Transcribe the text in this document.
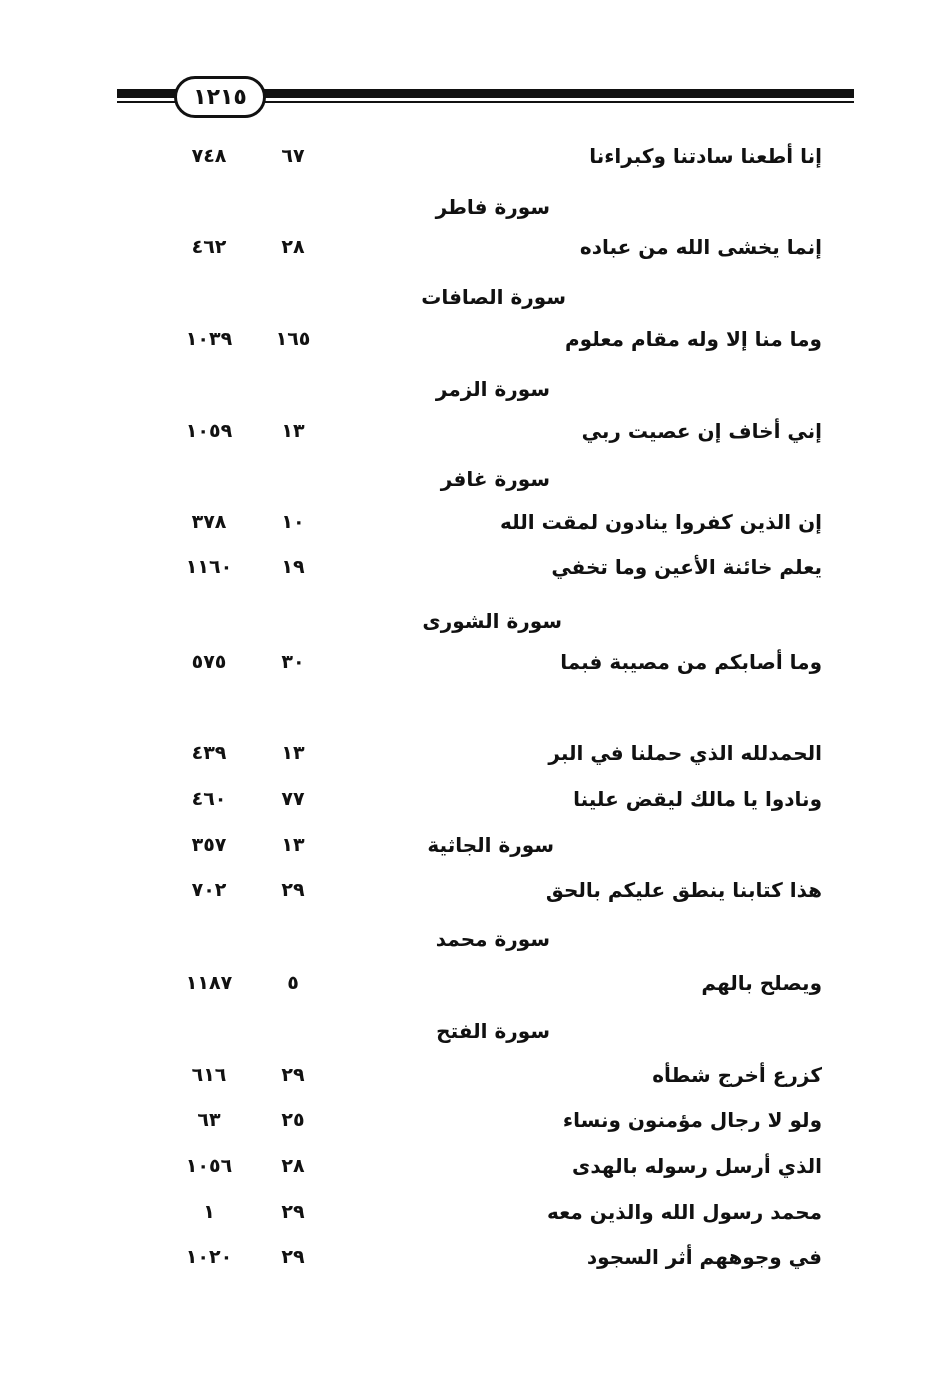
١٢١٥
إنا أطعنا سادتنا وكبراءنا
٦٧
٧٤٨
سورة فاطر
إنما يخشى الله من عباده
٢٨
٤٦٢
سورة الصافات
وما منا إلا وله مقام معلوم
١٦٥
١٠٣٩
سورة الزمر
إني أخاف إن عصيت ربي
١٣
١٠٥٩
سورة غافر
إن الذين كفروا ينادون لمقت الله
١٠
٣٧٨
يعلم خائنة الأعين وما تخفي
١٩
١١٦٠
سورة الشورى
وما أصابكم من مصيبة فبما
٣٠
٥٧٥
الحمدلله الذي حملنا في البر
١٣
٤٣٩
ونادوا يا مالك ليقض علينا
٧٧
٤٦٠
سورة الجاثية
١٣
٣٥٧
هذا كتابنا ينطق عليكم بالحق
٢٩
٧٠٢
سورة محمد
ويصلح بالهم
٥
١١٨٧
سورة الفتح
كزرع أخرج شطأه
٢٩
٦١٦
ولو لا رجال مؤمنون ونساء
٢٥
٦٣
الذي أرسل رسوله بالهدى
٢٨
١٠٥٦
محمد رسول الله والذين معه
٢٩
١
في وجوههم أثر السجود
٢٩
١٠٢٠
